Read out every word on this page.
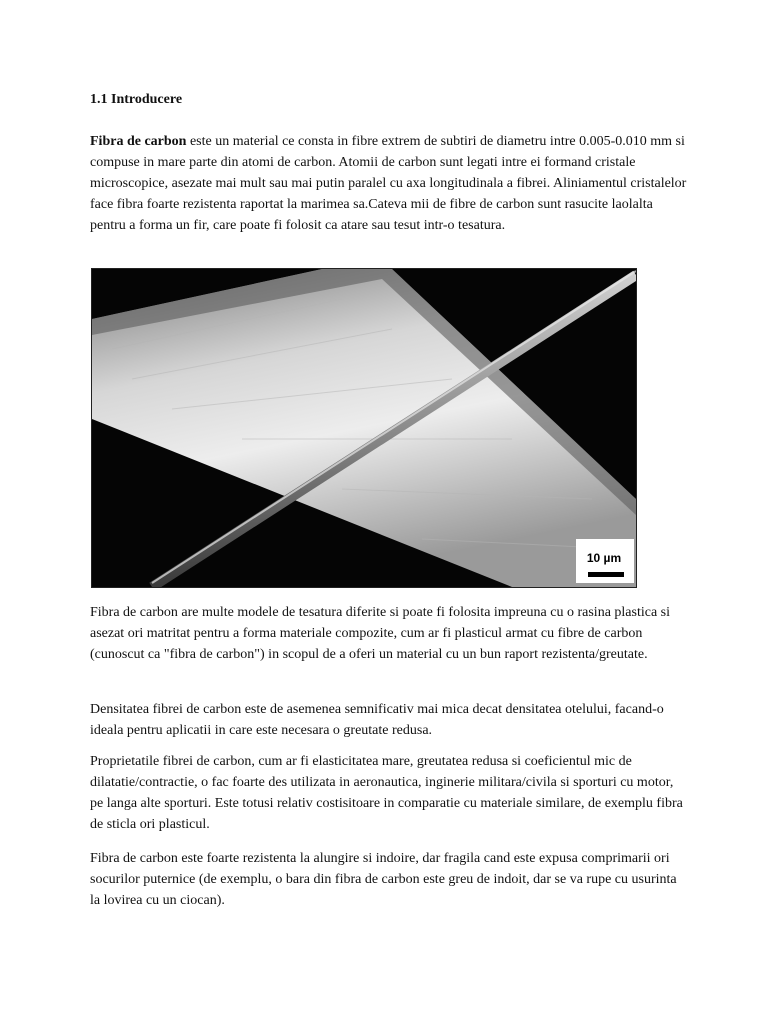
1.1 Introducere

Fibra de carbon este un material ce consta in fibre extrem de subtiri de diametru intre 0.005-0.010 mm si compuse in mare parte din atomi de carbon. Atomii de carbon sunt legati intre ei formand cristale microscopice, asezate mai mult sau mai putin paralel cu axa longitudinala a fibrei. Aliniamentul cristalelor face fibra foarte rezistenta raportat la marimea sa.Cateva mii de fibre de carbon sunt rasucite laolalta pentru a forma un fir, care poate fi folosit ca atare sau tesut intr-o tesatura.

10 µm

Fibra de carbon are multe modele de tesatura diferite si poate fi folosita impreuna cu o rasina plastica si asezat ori matritat pentru a forma materiale compozite, cum ar fi plasticul armat cu fibre de carbon (cunoscut ca "fibra de carbon") in scopul de a oferi un material cu un bun raport rezistenta/greutate.

Densitatea fibrei de carbon este de asemenea semnificativ mai mica decat densitatea otelului, facand-o ideala pentru aplicatii in care este necesara o greutate redusa.

Proprietatile fibrei de carbon, cum ar fi elasticitatea mare, greutatea redusa si coeficientul mic de dilatatie/contractie, o fac foarte des utilizata in aeronautica, inginerie militara/civila si sporturi cu motor, pe langa alte sporturi. Este totusi relativ costisitoare in comparatie cu materiale similare, de exemplu fibra de sticla ori plasticul.

Fibra de carbon este foarte rezistenta la alungire si indoire, dar fragila cand este expusa comprimarii ori socurilor puternice (de exemplu, o bara din fibra de carbon este greu de indoit, dar se va rupe cu usurinta la lovirea cu un ciocan).
